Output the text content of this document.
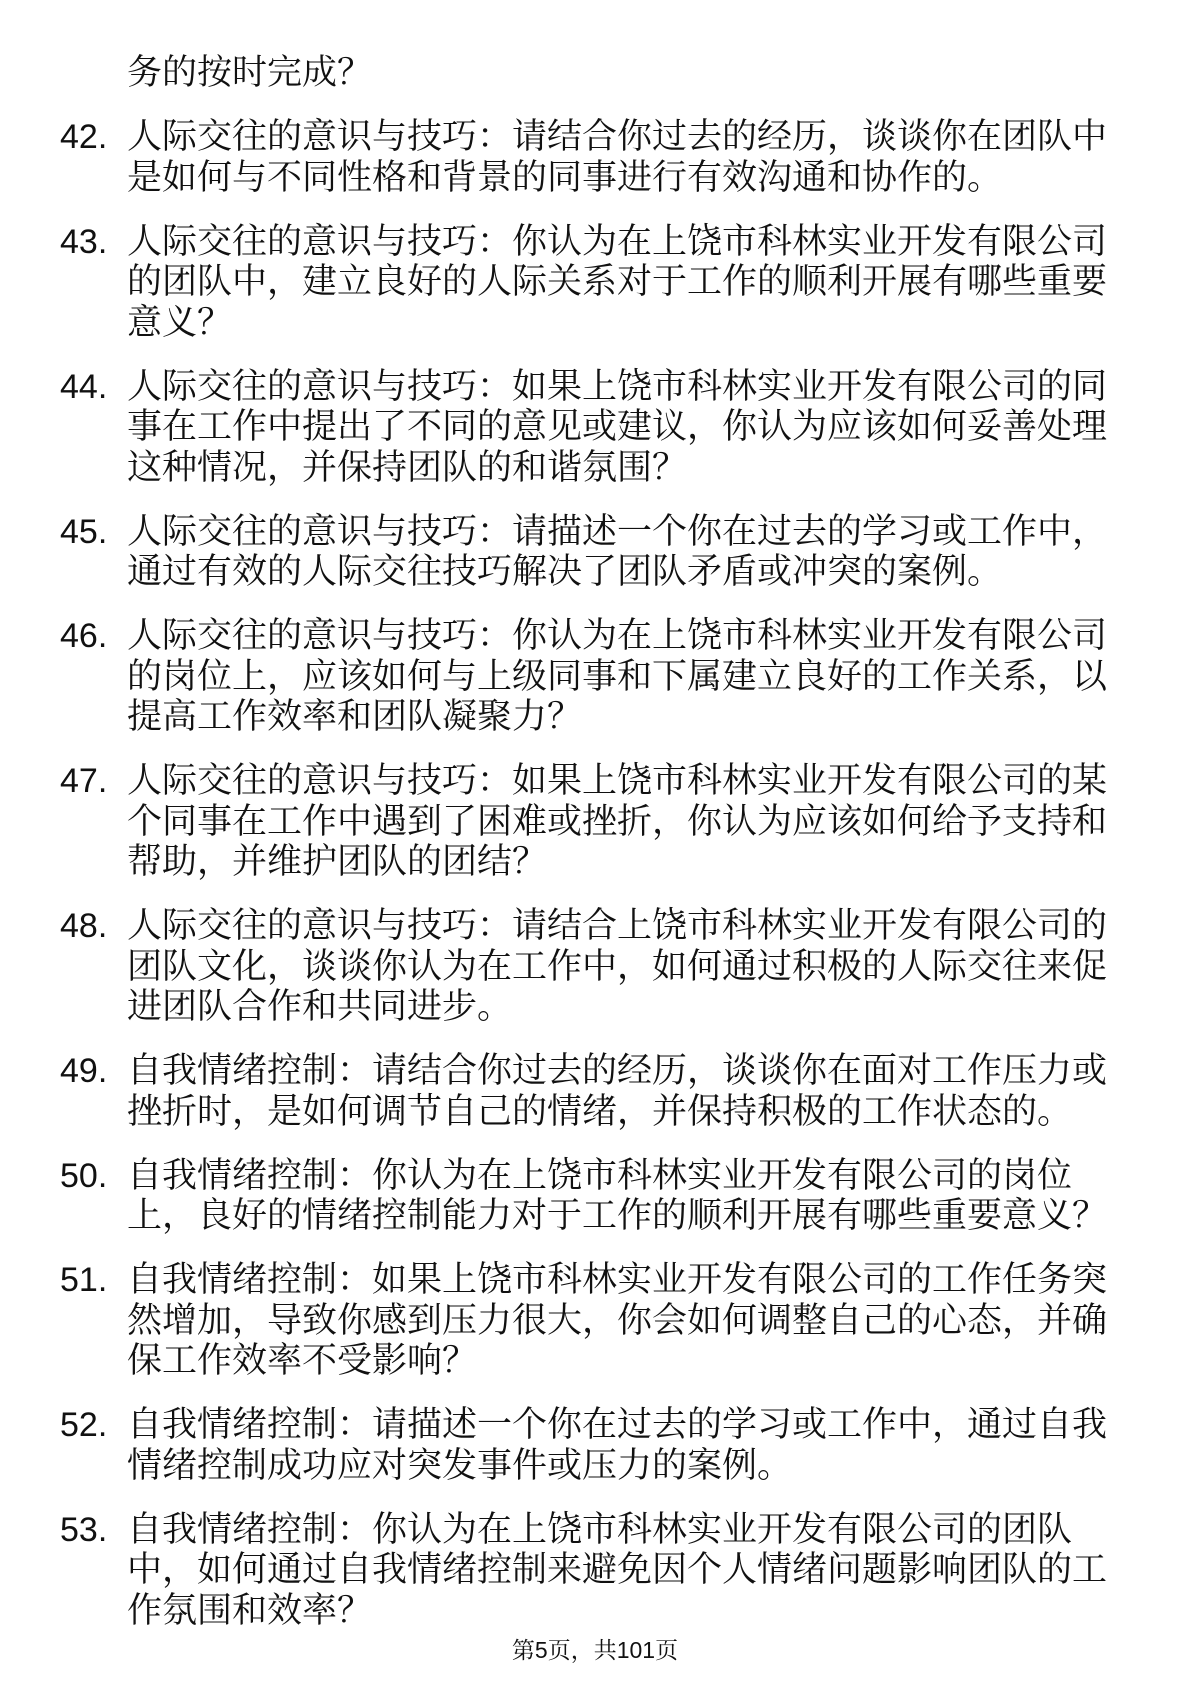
务的按时完成？
42. 人际交往的意识与技巧：请结合你过去的经历，谈谈你在团队中
是如何与不同性格和背景的同事进行有效沟通和协作的。
43. 人际交往的意识与技巧：你认为在上饶市科林实业开发有限公司
的团队中，建立良好的人际关系对于工作的顺利开展有哪些重要
意义？
44. 人际交往的意识与技巧：如果上饶市科林实业开发有限公司的同
事在工作中提出了不同的意见或建议，你认为应该如何妥善处理
这种情况，并保持团队的和谐氛围？
45. 人际交往的意识与技巧：请描述一个你在过去的学习或工作中，
通过有效的人际交往技巧解决了团队矛盾或冲突的案例。
46. 人际交往的意识与技巧：你认为在上饶市科林实业开发有限公司
的岗位上，应该如何与上级同事和下属建立良好的工作关系，以
提高工作效率和团队凝聚力？
47. 人际交往的意识与技巧：如果上饶市科林实业开发有限公司的某
个同事在工作中遇到了困难或挫折，你认为应该如何给予支持和
帮助，并维护团队的团结？
48. 人际交往的意识与技巧：请结合上饶市科林实业开发有限公司的
团队文化，谈谈你认为在工作中，如何通过积极的人际交往来促
进团队合作和共同进步。
49. 自我情绪控制：请结合你过去的经历，谈谈你在面对工作压力或
挫折时，是如何调节自己的情绪，并保持积极的工作状态的。
50. 自我情绪控制：你认为在上饶市科林实业开发有限公司的岗位
上，良好的情绪控制能力对于工作的顺利开展有哪些重要意义？
51. 自我情绪控制：如果上饶市科林实业开发有限公司的工作任务突
然增加，导致你感到压力很大，你会如何调整自己的心态，并确
保工作效率不受影响？
52. 自我情绪控制：请描述一个你在过去的学习或工作中，通过自我
情绪控制成功应对突发事件或压力的案例。
53. 自我情绪控制：你认为在上饶市科林实业开发有限公司的团队
中，如何通过自我情绪控制来避免因个人情绪问题影响团队的工
作氛围和效率？
第5页，共101页
